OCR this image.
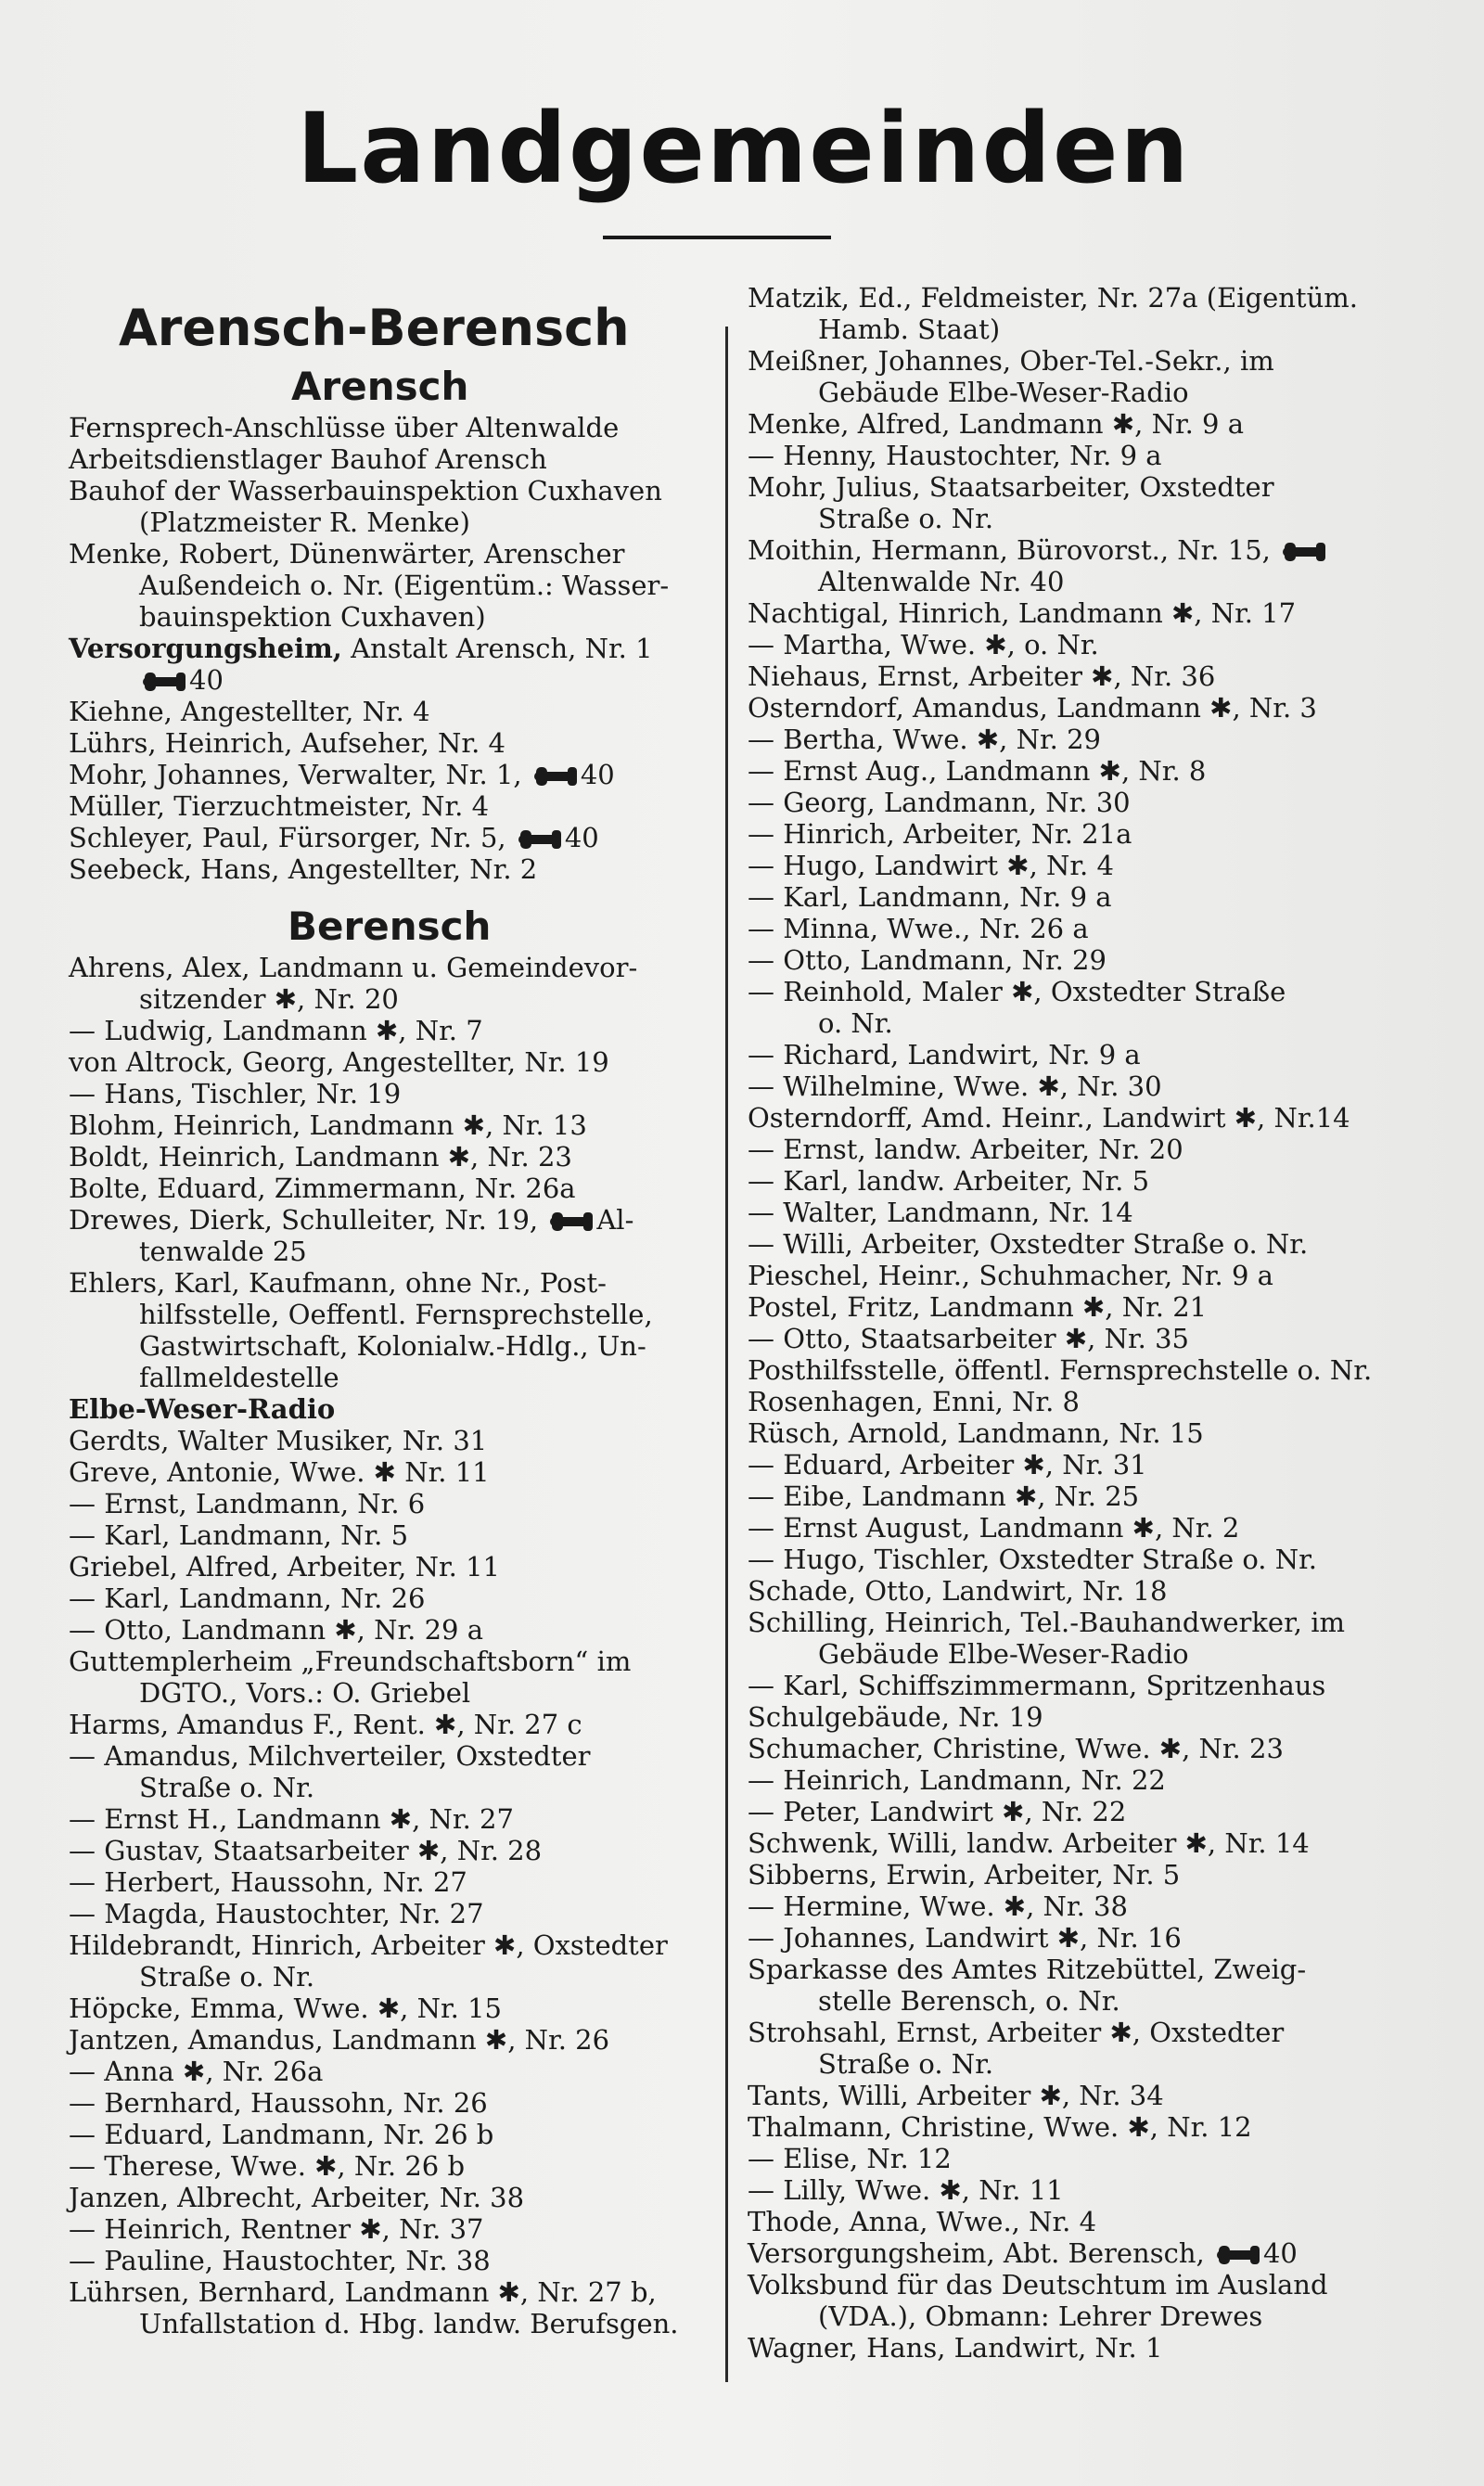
Landgemeinden

Arensch-Berensch

Arensch

Fernsprech-Anschlüsse über Altenwalde

Arbeitsdienstlager Bauhof Arensch

Bauhof der Wasserbauinspektion Cuxhaven

(Platzmeister R. Menke)

Menke, Robert, Dünenwärter, Arenscher

Außendeich o. Nr. (Eigentüm.: Wasser-

bauinspektion Cuxhaven)

Versorgungsheim, Anstalt Arensch, Nr. 1

40

Kiehne, Angestellter, Nr. 4

Lührs, Heinrich, Aufseher, Nr. 4

Mohr, Johannes, Verwalter, Nr. 1, 40

Müller, Tierzuchtmeister, Nr. 4

Schleyer, Paul, Fürsorger, Nr. 5, 40

Seebeck, Hans, Angestellter, Nr. 2

Berensch

Ahrens, Alex, Landmann u. Gemeindevor-

sitzender ✱, Nr. 20

— Ludwig, Landmann ✱, Nr. 7

von Altrock, Georg, Angestellter, Nr. 19

— Hans, Tischler, Nr. 19

Blohm, Heinrich, Landmann ✱, Nr. 13

Boldt, Heinrich, Landmann ✱, Nr. 23

Bolte, Eduard, Zimmermann, Nr. 26a

Drewes, Dierk, Schulleiter, Nr. 19, Al-

tenwalde 25

Ehlers, Karl, Kaufmann, ohne Nr., Post-

hilfsstelle, Oeffentl. Fernsprechstelle,

Gastwirtschaft, Kolonialw.-Hdlg., Un-

fallmeldestelle

Elbe-Weser-Radio

Gerdts, Walter Musiker, Nr. 31

Greve, Antonie, Wwe. ✱ Nr. 11

— Ernst, Landmann, Nr. 6

— Karl, Landmann, Nr. 5

Griebel, Alfred, Arbeiter, Nr. 11

— Karl, Landmann, Nr. 26

— Otto, Landmann ✱, Nr. 29 a

Guttemplerheim „Freundschaftsborn“ im

DGTO., Vors.: O. Griebel

Harms, Amandus F., Rent. ✱, Nr. 27 c

— Amandus, Milchverteiler, Oxstedter

Straße o. Nr.

— Ernst H., Landmann ✱, Nr. 27

— Gustav, Staatsarbeiter ✱, Nr. 28

— Herbert, Haussohn, Nr. 27

— Magda, Haustochter, Nr. 27

Hildebrandt, Hinrich, Arbeiter ✱, Oxstedter

Straße o. Nr.

Höpcke, Emma, Wwe. ✱, Nr. 15

Jantzen, Amandus, Landmann ✱, Nr. 26

— Anna ✱, Nr. 26a

— Bernhard, Haussohn, Nr. 26

— Eduard, Landmann, Nr. 26 b

— Therese, Wwe. ✱, Nr. 26 b

Janzen, Albrecht, Arbeiter, Nr. 38

— Heinrich, Rentner ✱, Nr. 37

— Pauline, Haustochter, Nr. 38

Lührsen, Bernhard, Landmann ✱, Nr. 27 b,

Unfallstation d. Hbg. landw. Berufsgen.

Matzik, Ed., Feldmeister, Nr. 27a (Eigentüm.

Hamb. Staat)

Meißner, Johannes, Ober-Tel.-Sekr., im

Gebäude Elbe-Weser-Radio

Menke, Alfred, Landmann ✱, Nr. 9 a

— Henny, Haustochter, Nr. 9 a

Mohr, Julius, Staatsarbeiter, Oxstedter

Straße o. Nr.

Moithin, Hermann, Bürovorst., Nr. 15,

Altenwalde Nr. 40

Nachtigal, Hinrich, Landmann ✱, Nr. 17

— Martha, Wwe. ✱, o. Nr.

Niehaus, Ernst, Arbeiter ✱, Nr. 36

Osterndorf, Amandus, Landmann ✱, Nr. 3

— Bertha, Wwe. ✱, Nr. 29

— Ernst Aug., Landmann ✱, Nr. 8

— Georg, Landmann, Nr. 30

— Hinrich, Arbeiter, Nr. 21a

— Hugo, Landwirt ✱, Nr. 4

— Karl, Landmann, Nr. 9 a

— Minna, Wwe., Nr. 26 a

— Otto, Landmann, Nr. 29

— Reinhold, Maler ✱, Oxstedter Straße

o. Nr.

— Richard, Landwirt, Nr. 9 a

— Wilhelmine, Wwe. ✱, Nr. 30

Osterndorff, Amd. Heinr., Landwirt ✱, Nr.14

— Ernst, landw. Arbeiter, Nr. 20

— Karl, landw. Arbeiter, Nr. 5

— Walter, Landmann, Nr. 14

— Willi, Arbeiter, Oxstedter Straße o. Nr.

Pieschel, Heinr., Schuhmacher, Nr. 9 a

Postel, Fritz, Landmann ✱, Nr. 21

— Otto, Staatsarbeiter ✱, Nr. 35

Posthilfsstelle, öffentl. Fernsprechstelle o. Nr.

Rosenhagen, Enni, Nr. 8

Rüsch, Arnold, Landmann, Nr. 15

— Eduard, Arbeiter ✱, Nr. 31

— Eibe, Landmann ✱, Nr. 25

— Ernst August, Landmann ✱, Nr. 2

— Hugo, Tischler, Oxstedter Straße o. Nr.

Schade, Otto, Landwirt, Nr. 18

Schilling, Heinrich, Tel.-Bauhandwerker, im

Gebäude Elbe-Weser-Radio

— Karl, Schiffszimmermann, Spritzenhaus

Schulgebäude, Nr. 19

Schumacher, Christine, Wwe. ✱, Nr. 23

— Heinrich, Landmann, Nr. 22

— Peter, Landwirt ✱, Nr. 22

Schwenk, Willi, landw. Arbeiter ✱, Nr. 14

Sibberns, Erwin, Arbeiter, Nr. 5

— Hermine, Wwe. ✱, Nr. 38

— Johannes, Landwirt ✱, Nr. 16

Sparkasse des Amtes Ritzebüttel, Zweig-

stelle Berensch, o. Nr.

Strohsahl, Ernst, Arbeiter ✱, Oxstedter

Straße o. Nr.

Tants, Willi, Arbeiter ✱, Nr. 34

Thalmann, Christine, Wwe. ✱, Nr. 12

— Elise, Nr. 12

— Lilly, Wwe. ✱, Nr. 11

Thode, Anna, Wwe., Nr. 4

Versorgungsheim, Abt. Berensch, 40

Volksbund für das Deutschtum im Ausland

(VDA.), Obmann: Lehrer Drewes

Wagner, Hans, Landwirt, Nr. 1
